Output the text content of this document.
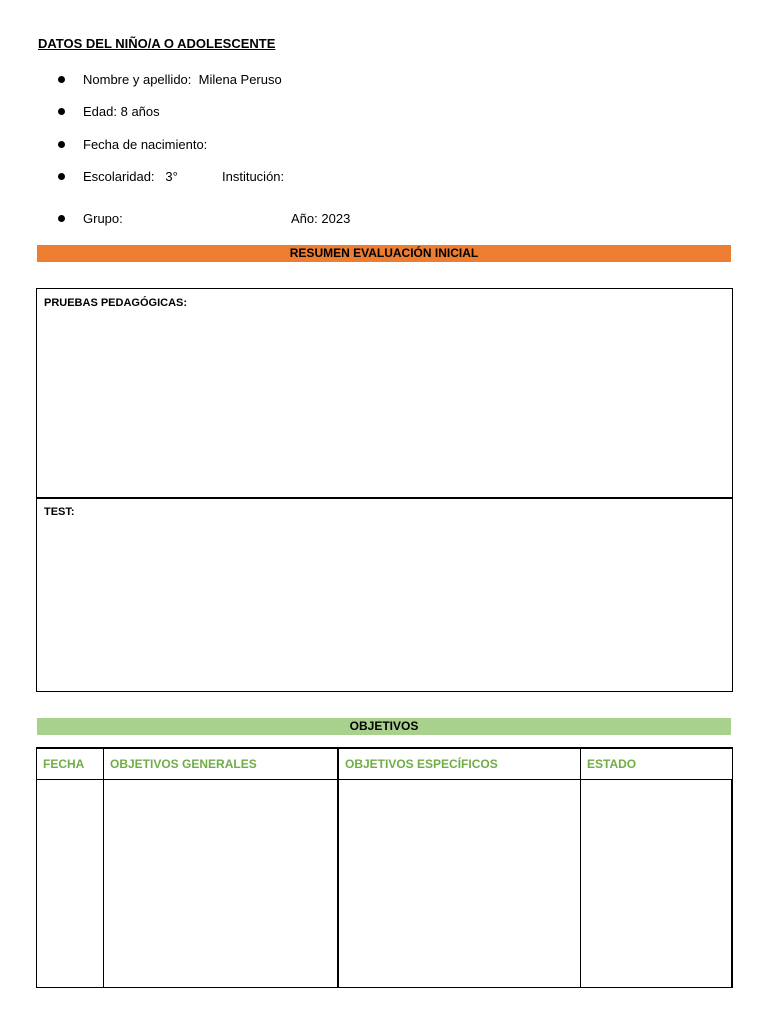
DATOS DEL NIÑO/A O ADOLESCENTE
Nombre y apellido: Milena Peruso
Edad: 8 años
Fecha de nacimiento:
Escolaridad: 3°	Institución:
Grupo:	Año: 2023
RESUMEN EVALUACIÓN INICIAL
PRUEBAS PEDAGÓGICAS:
TEST:
OBJETIVOS
FECHA	OBJETIVOS GENERALES	OBJETIVOS ESPECÍFICOS	ESTADO
